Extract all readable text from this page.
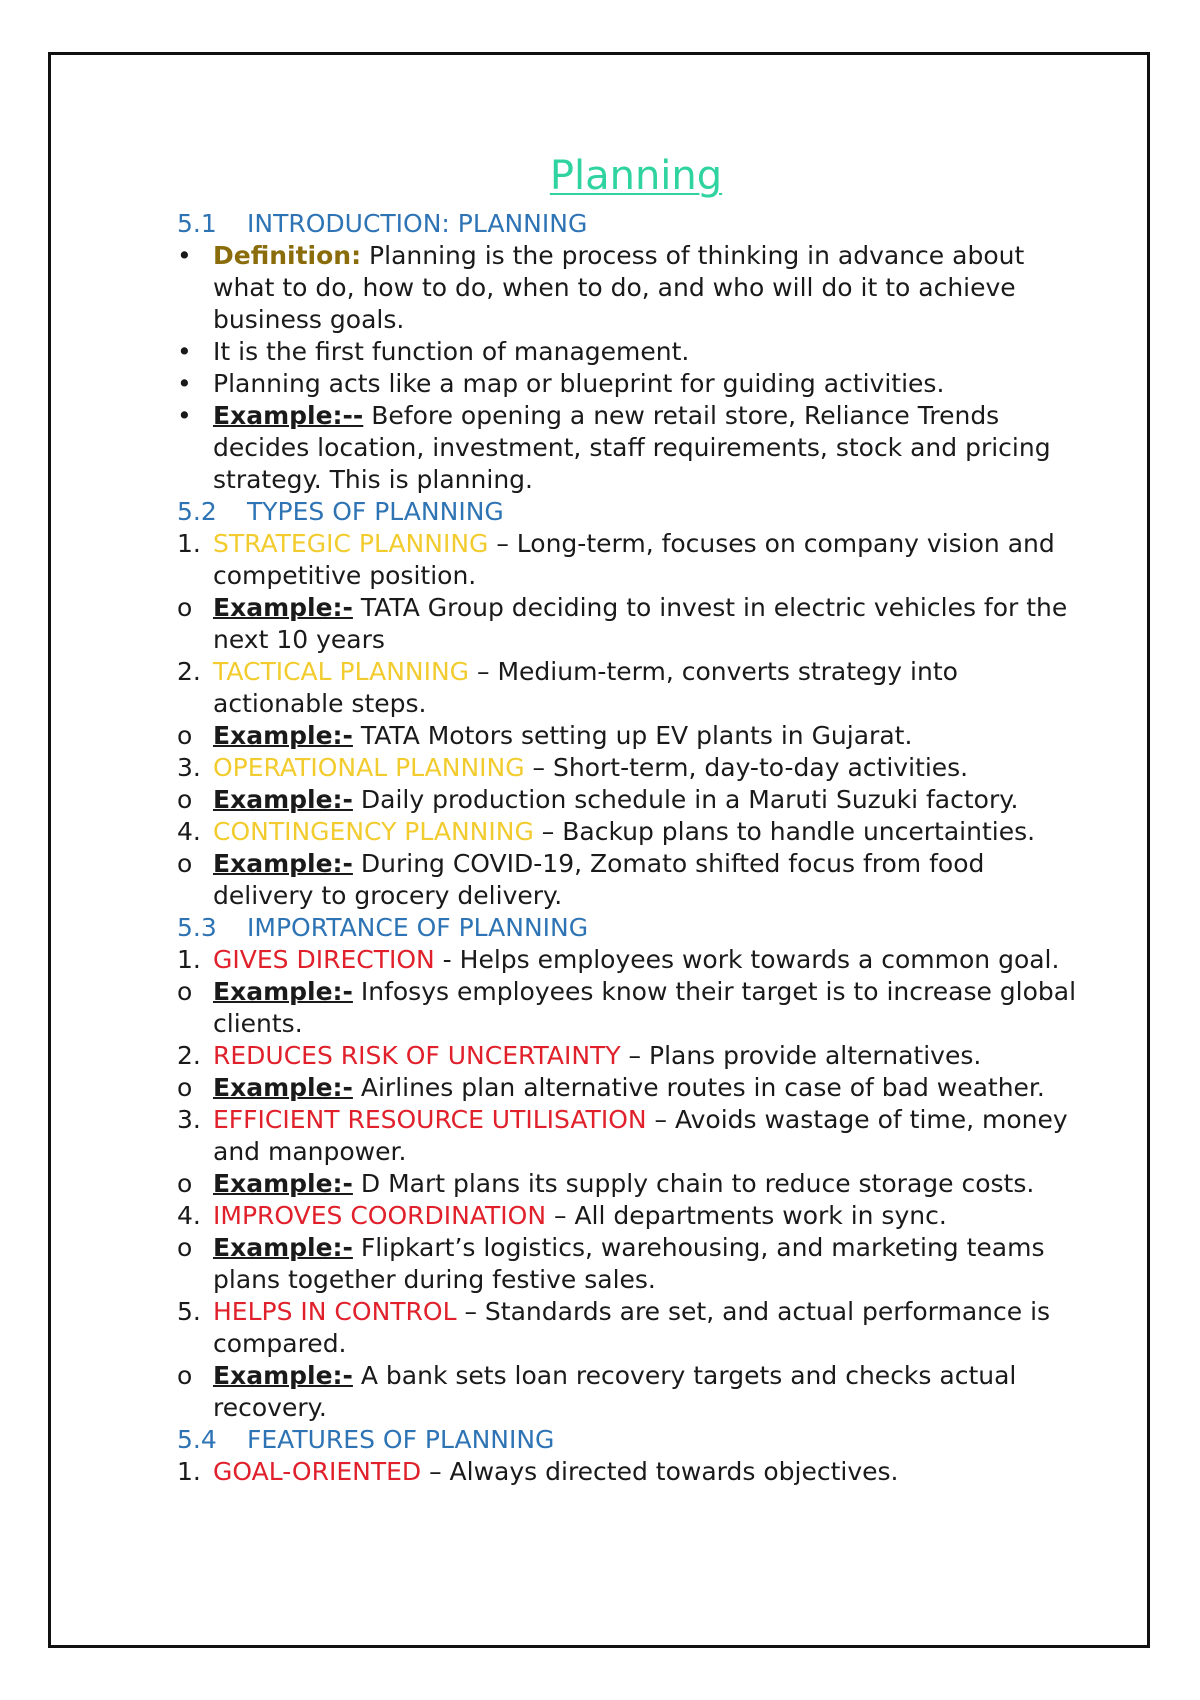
Planning
5.1	INTRODUCTION: PLANNING
• Definition: Planning is the process of thinking in advance about what to do, how to do, when to do, and who will do it to achieve business goals.
• It is the first function of management.
• Planning acts like a map or blueprint for guiding activities.
• Example:-- Before opening a new retail store, Reliance Trends decides location, investment, staff requirements, stock and pricing strategy. This is planning.
5.2	TYPES OF PLANNING
1. STRATEGIC PLANNING – Long-term, focuses on company vision and competitive position.
o Example:- TATA Group deciding to invest in electric vehicles for the next 10 years
2. TACTICAL PLANNING – Medium-term, converts strategy into actionable steps.
o Example:- TATA Motors setting up EV plants in Gujarat.
3. OPERATIONAL PLANNING – Short-term, day-to-day activities.
o Example:- Daily production schedule in a Maruti Suzuki factory.
4. CONTINGENCY PLANNING – Backup plans to handle uncertainties.
o Example:- During COVID-19, Zomato shifted focus from food delivery to grocery delivery.
5.3	IMPORTANCE OF PLANNING
1. GIVES DIRECTION - Helps employees work towards a common goal.
o Example:- Infosys employees know their target is to increase global clients.
2. REDUCES RISK OF UNCERTAINTY – Plans provide alternatives.
o Example:- Airlines plan alternative routes in case of bad weather.
3. EFFICIENT RESOURCE UTILISATION – Avoids wastage of time, money and manpower.
o Example:- D Mart plans its supply chain to reduce storage costs.
4. IMPROVES COORDINATION – All departments work in sync.
o Example:- Flipkart’s logistics, warehousing, and marketing teams plans together during festive sales.
5. HELPS IN CONTROL – Standards are set, and actual performance is compared.
o Example:- A bank sets loan recovery targets and checks actual recovery.
5.4	FEATURES OF PLANNING
1. GOAL-ORIENTED – Always directed towards objectives.
